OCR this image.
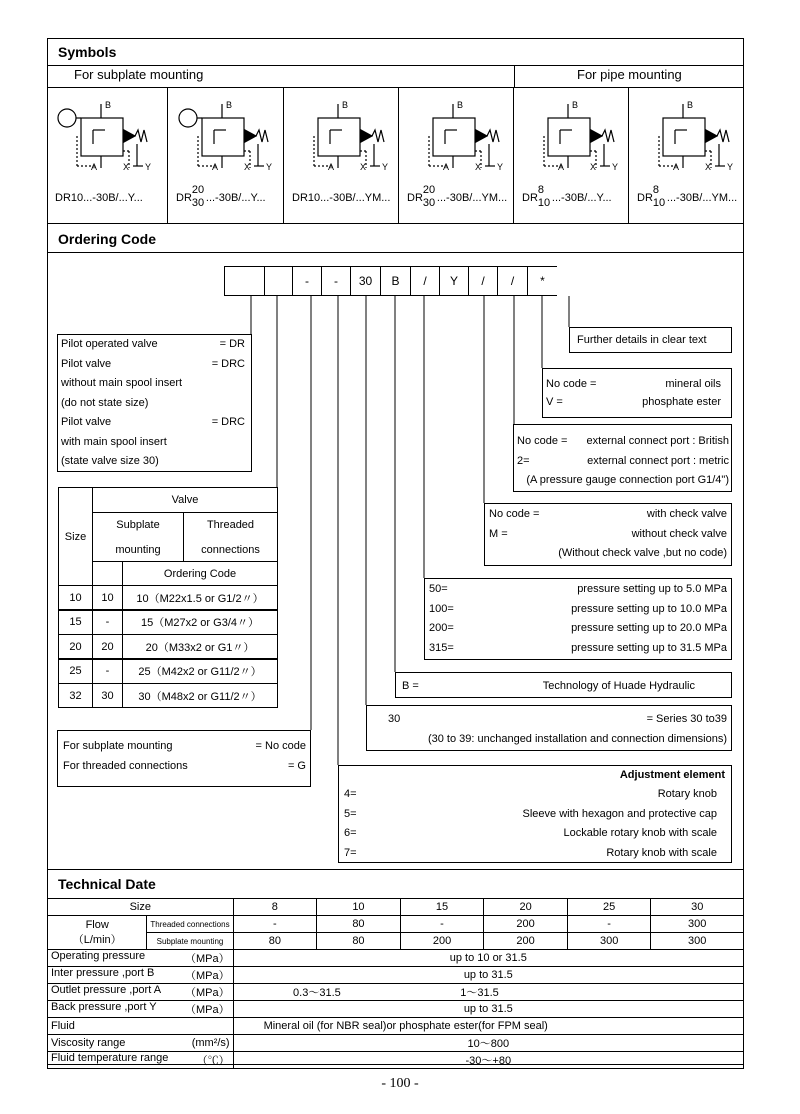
Symbols
For subplate mounting	For pipe mounting
A
B
X Y
DR10...-30B/...Y...
A
B
X Y
DR
20
30 ...-30B/...Y...
A
B
X Y
DR10...-30B/...YM...
A
B
X Y
DR
20
30 ...-30B/...YM...
A
B
X Y
DR
8
10 ...-30B/...Y...
A
B
X Y
DR
8
10 ...-30B/...YM...
Ordering Code
-	-	30	B	/	Y	/	/	*
Further details in clear text
Pilot operated valve	= DR
Pilot valve	= DRC
without main spool insert
(do not state size)
Pilot valve	= DRC
with main spool insert
(state valve size 30)
No code =	mineral oils
V =	phosphate ester
No code = external connect port : British
2=	external connect port : metric
(A pressure gauge connection port G1/4")
No code =	with check valve
M =	without check valve
(Without check valve ,but no code)
50=	pressure setting up to 5.0 MPa
100=	pressure setting up to 10.0 MPa
200=	pressure setting up to 20.0 MPa
315=	pressure setting up to 31.5 MPa
B =	Technology of Huade Hydraulic
30	= Series 30 to39
(30 to 39: unchanged installation and connection dimensions)
Adjustment element
4=	Rotary knob
5=	Sleeve with hexagon and protective cap
6=	Lockable rotary knob with scale
7=	Rotary knob with scale
Size
Valve
Subplate
mounting
Threaded
connections
Ordering Code
10	10	10（M22x1.5 or G1/2〃）
15	-	15（M27x2 or G3/4〃）
20	20	20（M33x2 or G1〃）
25	-	25（M42x2 or G11/2〃）
32	30	30（M48x2 or G11/2〃）
For subplate mounting	= No code
For threaded connections	= G
Technical Date
Size		8	10	15	20	25	30

Flow
（L/min）	Threaded connections	-	80	-	200	-	300
	Subplate mounting	80	80	200	200	300	300
Operating pressure （MPa）		up to 10 or 31.5					
Inter pressure ,port B （MPa）		up to 31.5					
Outlet pressure ,port A （MPa）		0.3～31.5		1～31.5			
Back pressure ,port Y （MPa）		up to 31.5					
Fluid		Mineral oil (for NBR seal)or phosphate ester(for FPM seal)					
Viscosity range (mm²/s)		10～800					
Fluid temperature range （℃）		-30～+80					
- 100 -
